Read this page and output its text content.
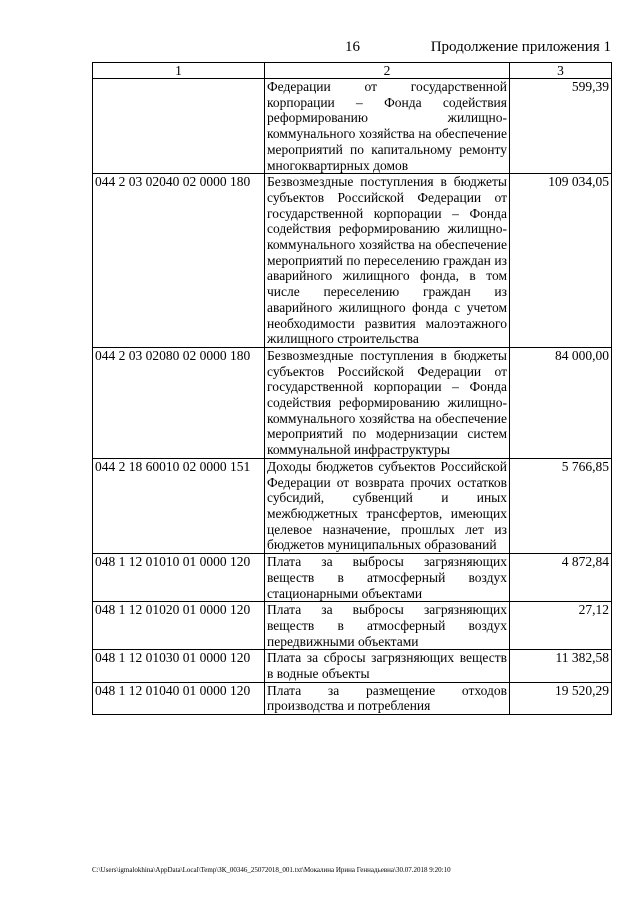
16	Продолжение приложения 1
1	2	3
	Федерации от государственной корпорации – Фонда содействия реформированию жилищно-коммунального хозяйства на обеспечение мероприятий по капитальному ремонту многоквартирных домов	599,39
044 2 03 02040 02 0000 180	Безвозмездные поступления в бюджеты субъектов Российской Федерации от государственной корпорации – Фонда содействия реформированию жилищно-коммунального хозяйства на обеспечение мероприятий по переселению граждан из аварийного жилищного фонда, в том числе переселению граждан из аварийного жилищного фонда с учетом необходимости развития малоэтажного жилищного строительства	109 034,05
044 2 03 02080 02 0000 180	Безвозмездные поступления в бюджеты субъектов Российской Федерации от государственной корпорации – Фонда содействия реформированию жилищно-коммунального хозяйства на обеспечение мероприятий по модернизации систем коммунальной инфраструктуры	84 000,00
044 2 18 60010 02 0000 151	Доходы бюджетов субъектов Российской Федерации от возврата прочих остатков субсидий, субвенций и иных межбюджетных трансфертов, имеющих целевое назначение, прошлых лет из бюджетов муниципальных образований	5 766,85
048 1 12 01010 01 0000 120	Плата за выбросы загрязняющих веществ в атмосферный воздух стационарными объектами	4 872,84
048 1 12 01020 01 0000 120	Плата за выбросы загрязняющих веществ в атмосферный воздух передвижными объектами	27,12
048 1 12 01030 01 0000 120	Плата за сбросы загрязняющих веществ в водные объекты	11 382,58
048 1 12 01040 01 0000 120	Плата за размещение отходов производства и потребления	19 520,29
C:\Users\igmalokhina\AppData\Local\Temp\ЗК_00346_25072018_001.txt\Мокалина Ирина Геннадьевна\30.07.2018 9:20:10
